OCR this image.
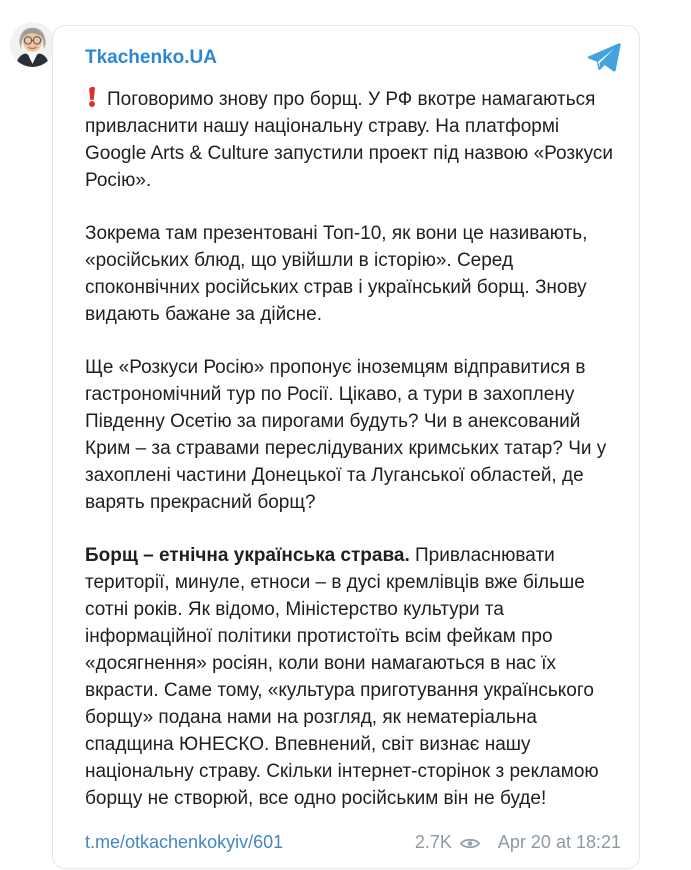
Tkachenko.UA

Поговоримо знову про борщ. У РФ вкотре намагаються привласнити нашу національну страву. На платформі Google Arts & Culture запустили проект під назвою «Розкуси Росію».

Зокрема там презентовані Топ-10, як вони це називають, «російських блюд, що увійшли в історію». Серед споконвічних російських страв і український борщ. Знову видають бажане за дійсне.

Ще «Розкуси Росію» пропонує іноземцям відправитися в гастрономічний тур по Росії. Цікаво, а тури в захоплену Південну Осетію за пирогами будуть? Чи в анексований Крим – за стравами переслідуваних кримських татар? Чи у захоплені частини Донецької та Луганської областей, де варять прекрасний борщ?

Борщ – етнічна українська страва. Привласнювати території, минуле, етноси – в дусі кремлівців вже більше сотні років. Як відомо, Міністерство культури та інформаційної політики протистоїть всім фейкам про «досягнення» росіян, коли вони намагаються в нас їх вкрасти. Саме тому, «культура приготування українського борщу» подана нами на розгляд, як нематеріальна спадщина ЮНЕСКО. Впевнений, світ визнає нашу національну страву. Скільки інтернет-сторінок з рекламою борщу не створюй, все одно російським він не буде!

t.me/otkachenkokyiv/601	2.7K	Apr 20 at 18:21
